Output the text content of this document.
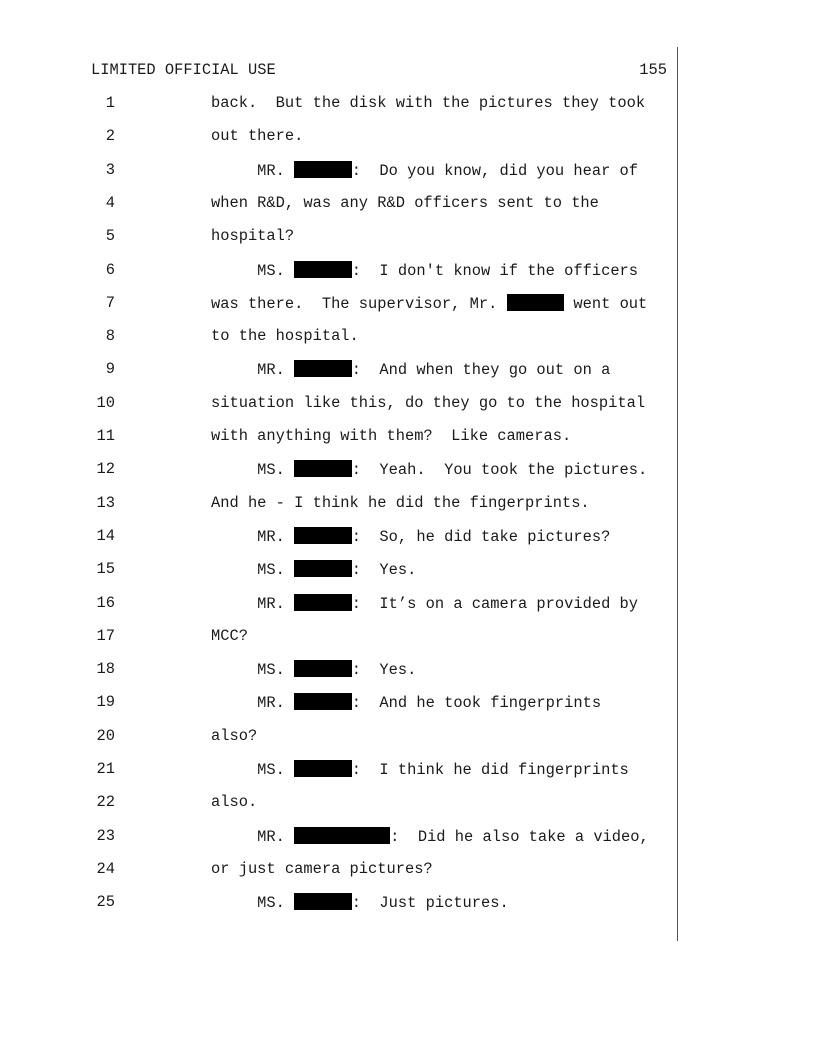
LIMITED OFFICIAL USE	155
1	back.  But the disk with the pictures they took
2	out there.
3	MR.	:  Do you know, did you hear of
4	when R&D, was any R&D officers sent to the
5	hospital?
6	MS.	:  I don't know if the officers
7	was there.  The supervisor, Mr.	went out
8	to the hospital.
9	MR.	:  And when they go out on a
10	situation like this, do they go to the hospital
11	with anything with them?  Like cameras.
12	MS.	:  Yeah.  You took the pictures.
13	And he - I think he did the fingerprints.
14	MR.	:  So, he did take pictures?
15	MS.	:  Yes.
16	MR.	:  It’s on a camera provided by
17	MCC?
18	MS.	:  Yes.
19	MR.	:  And he took fingerprints
20	also?
21	MS.	:  I think he did fingerprints
22	also.
23	MR.	:  Did he also take a video,
24	or just camera pictures?
25	MS.	:  Just pictures.
